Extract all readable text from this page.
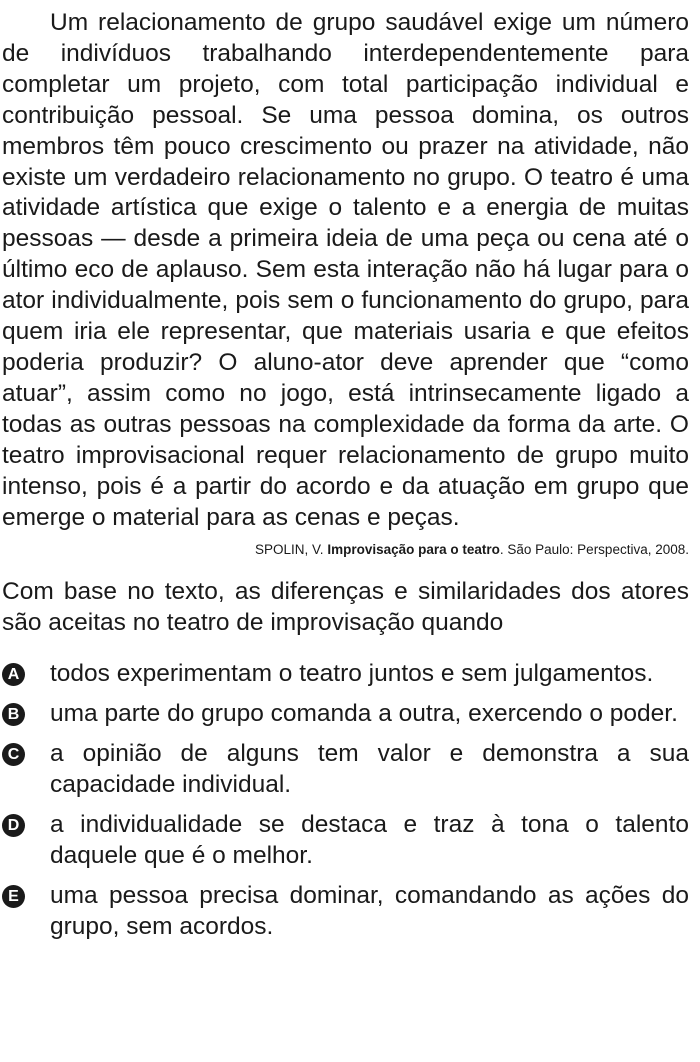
Um relacionamento de grupo saudável exige um número de indivíduos trabalhando interdependentemente para completar um projeto, com total participação individual e contribuição pessoal. Se uma pessoa domina, os outros membros têm pouco crescimento ou prazer na atividade, não existe um verdadeiro relacionamento no grupo. O teatro é uma atividade artística que exige o talento e a energia de muitas pessoas — desde a primeira ideia de uma peça ou cena até o último eco de aplauso. Sem esta interação não há lugar para o ator individualmente, pois sem o funcionamento do grupo, para quem iria ele representar, que materiais usaria e que efeitos poderia produzir? O aluno-ator deve aprender que “como atuar”, assim como no jogo, está intrinsecamente ligado a todas as outras pessoas na complexidade da forma da arte. O teatro improvisacional requer relacionamento de grupo muito intenso, pois é a partir do acordo e da atuação em grupo que emerge o material para as cenas e peças.

SPOLIN, V. Improvisação para o teatro. São Paulo: Perspectiva, 2008.

Com base no texto, as diferenças e similaridades dos atores são aceitas no teatro de improvisação quando

A todos experimentam o teatro juntos e sem julgamentos.
B uma parte do grupo comanda a outra, exercendo o poder.
C a opinião de alguns tem valor e demonstra a sua capacidade individual.
D a individualidade se destaca e traz à tona o talento daquele que é o melhor.
E uma pessoa precisa dominar, comandando as ações do grupo, sem acordos.
